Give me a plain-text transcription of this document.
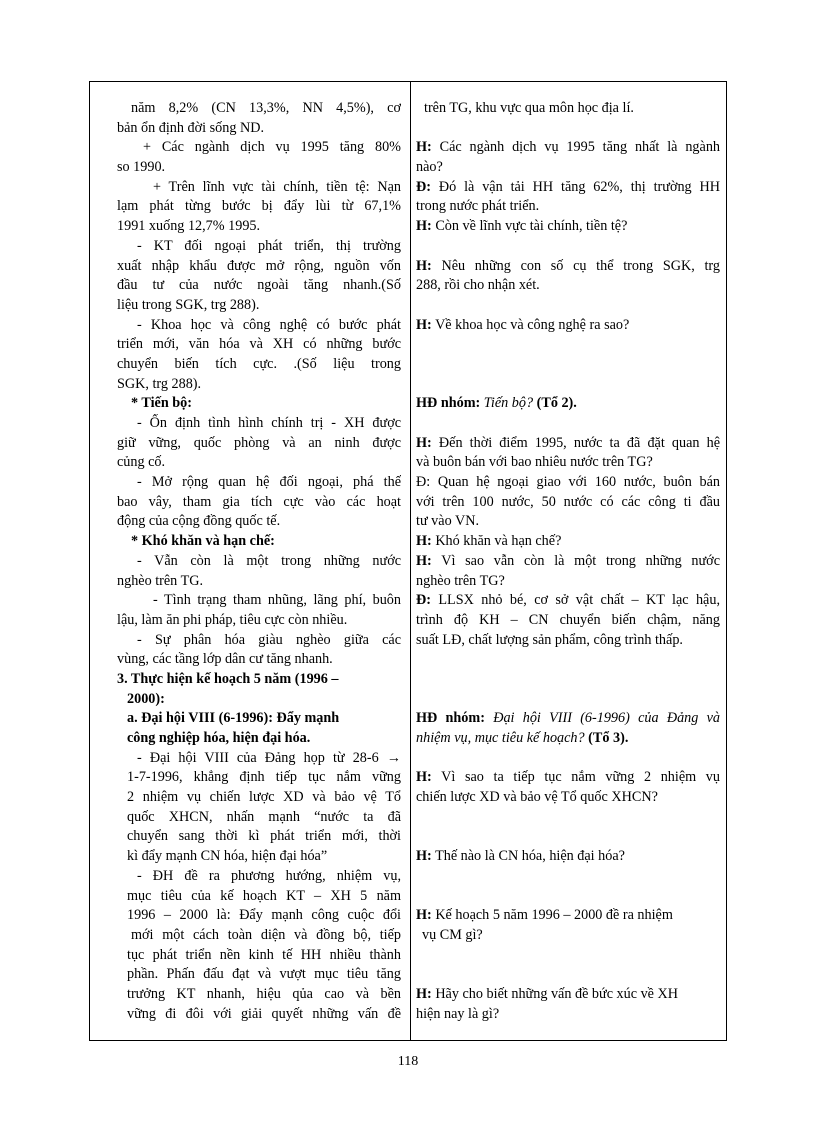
năm 8,2% (CN 13,3%, NN 4,5%), cơ
bản ổn định đời sống ND.
+ Các ngành dịch vụ 1995 tăng 80%
so 1990.
+ Trên lĩnh vực tài chính, tiền tệ: Nạn
lạm phát từng bước bị đẩy lùi từ 67,1%
1991 xuống 12,7% 1995.
- KT đối ngoại phát triển, thị trường
xuất nhập khẩu được mở rộng, nguồn vốn
đầu tư của nước ngoài tăng nhanh.(Số
liệu trong SGK, trg 288).
- Khoa học và công nghệ có bước phát
triển mới, văn hóa và XH có những bước
chuyển biến tích cực. .(Số liệu trong
SGK, trg 288).
* Tiến bộ:
- Ổn định tình hình chính trị - XH được
giữ vững, quốc phòng và an ninh được
củng cố.
- Mở rộng quan hệ đối ngoại, phá thế
bao vây, tham gia tích cực vào các hoạt
động của cộng đồng quốc tế.
* Khó khăn và hạn chế:
- Vẫn còn là một trong những nước
nghèo trên TG.
- Tình trạng tham nhũng, lãng phí, buôn
lậu, làm ăn phi pháp, tiêu cực còn nhiều.
- Sự phân hóa giàu nghèo giữa các
vùng, các tầng lớp dân cư tăng nhanh.
3. Thực hiện kế hoạch 5 năm (1996 –
2000):
a. Đại hội VIII (6-1996): Đẩy mạnh
công nghiệp hóa, hiện đại hóa.
- Đại hội VIII của Đảng họp từ 28-6 →
1-7-1996, khẳng định tiếp tục nắm vững
2 nhiệm vụ chiến lược XD và bảo vệ Tổ
quốc XHCN, nhấn mạnh “nước ta đã
chuyển sang thời kì phát triển mới, thời
kì đẩy mạnh CN hóa, hiện đại hóa”
- ĐH đề ra phương hướng, nhiệm vụ,
mục tiêu của kế hoạch KT – XH 5 năm
1996 – 2000 là: Đẩy mạnh công cuộc đổi
mới một cách toàn diện và đồng bộ, tiếp
tục phát triển nền kinh tế HH nhiều thành
phần. Phấn đấu đạt và vượt mục tiêu tăng
trưởng KT nhanh, hiệu qủa cao và bền
vững đi đôi với giải quyết những vấn đề
trên TG, khu vực qua môn học địa lí.
H: Các ngành dịch vụ 1995 tăng nhất là ngành
nào?
Đ: Đó là vận tải HH tăng 62%, thị trường HH
trong nước phát triển.
H: Còn về lĩnh vực tài chính, tiền tệ?
H: Nêu những con số cụ thể trong SGK, trg
288, rồi cho nhận xét.
H: Về khoa học và công nghệ ra sao?
HĐ nhóm: Tiến bộ? (Tổ 2).
H: Đến thời điểm 1995, nước ta đã đặt quan hệ
và buôn bán với bao nhiêu nước trên TG?
Đ: Quan hệ ngoại giao với 160 nước, buôn bán
với trên 100 nước, 50 nước có các công ti đầu
tư vào VN.
H: Khó khăn và hạn chế?
H: Vì sao vẫn còn là một trong những nước
nghèo trên TG?
Đ: LLSX nhỏ bé, cơ sở vật chất – KT lạc hậu,
trình độ KH – CN chuyển biến chậm, năng
suất LĐ, chất lượng sản phẩm, công trình thấp.
HĐ nhóm: Đại hội VIII (6-1996) của Đảng và
nhiệm vụ, mục tiêu kế hoạch? (Tổ 3).
H: Vì sao ta tiếp tục nắm vững 2 nhiệm vụ
chiến lược XD và bảo vệ Tổ quốc XHCN?
H: Thế nào là CN hóa, hiện đại hóa?
H: Kế hoạch 5 năm 1996 – 2000 đề ra nhiệm
vụ CM gì?
H: Hãy cho biết những vấn đề bức xúc về XH
hiện nay là gì?
118
